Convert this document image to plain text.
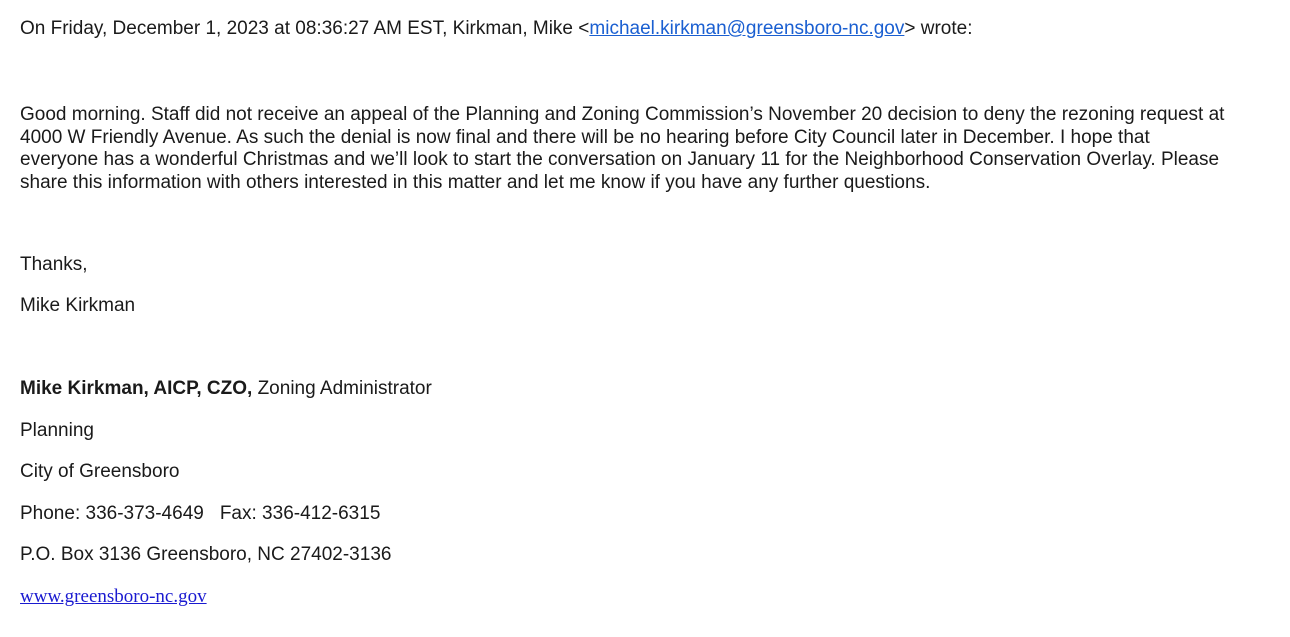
On Friday, December 1, 2023 at 08:36:27 AM EST, Kirkman, Mike <michael.kirkman@greensboro-nc.gov> wrote:
Good morning. Staff did not receive an appeal of the Planning and Zoning Commission’s November 20 decision to deny the rezoning request at
4000 W Friendly Avenue. As such the denial is now final and there will be no hearing before City Council later in December. I hope that
everyone has a wonderful Christmas and we’ll look to start the conversation on January 11 for the Neighborhood Conservation Overlay. Please
share this information with others interested in this matter and let me know if you have any further questions.
Thanks,
Mike Kirkman
Mike Kirkman, AICP, CZO, Zoning Administrator
Planning
City of Greensboro
Phone: 336-373-4649 Fax: 336-412-6315
P.O. Box 3136 Greensboro, NC 27402-3136
www.greensboro-nc.gov
